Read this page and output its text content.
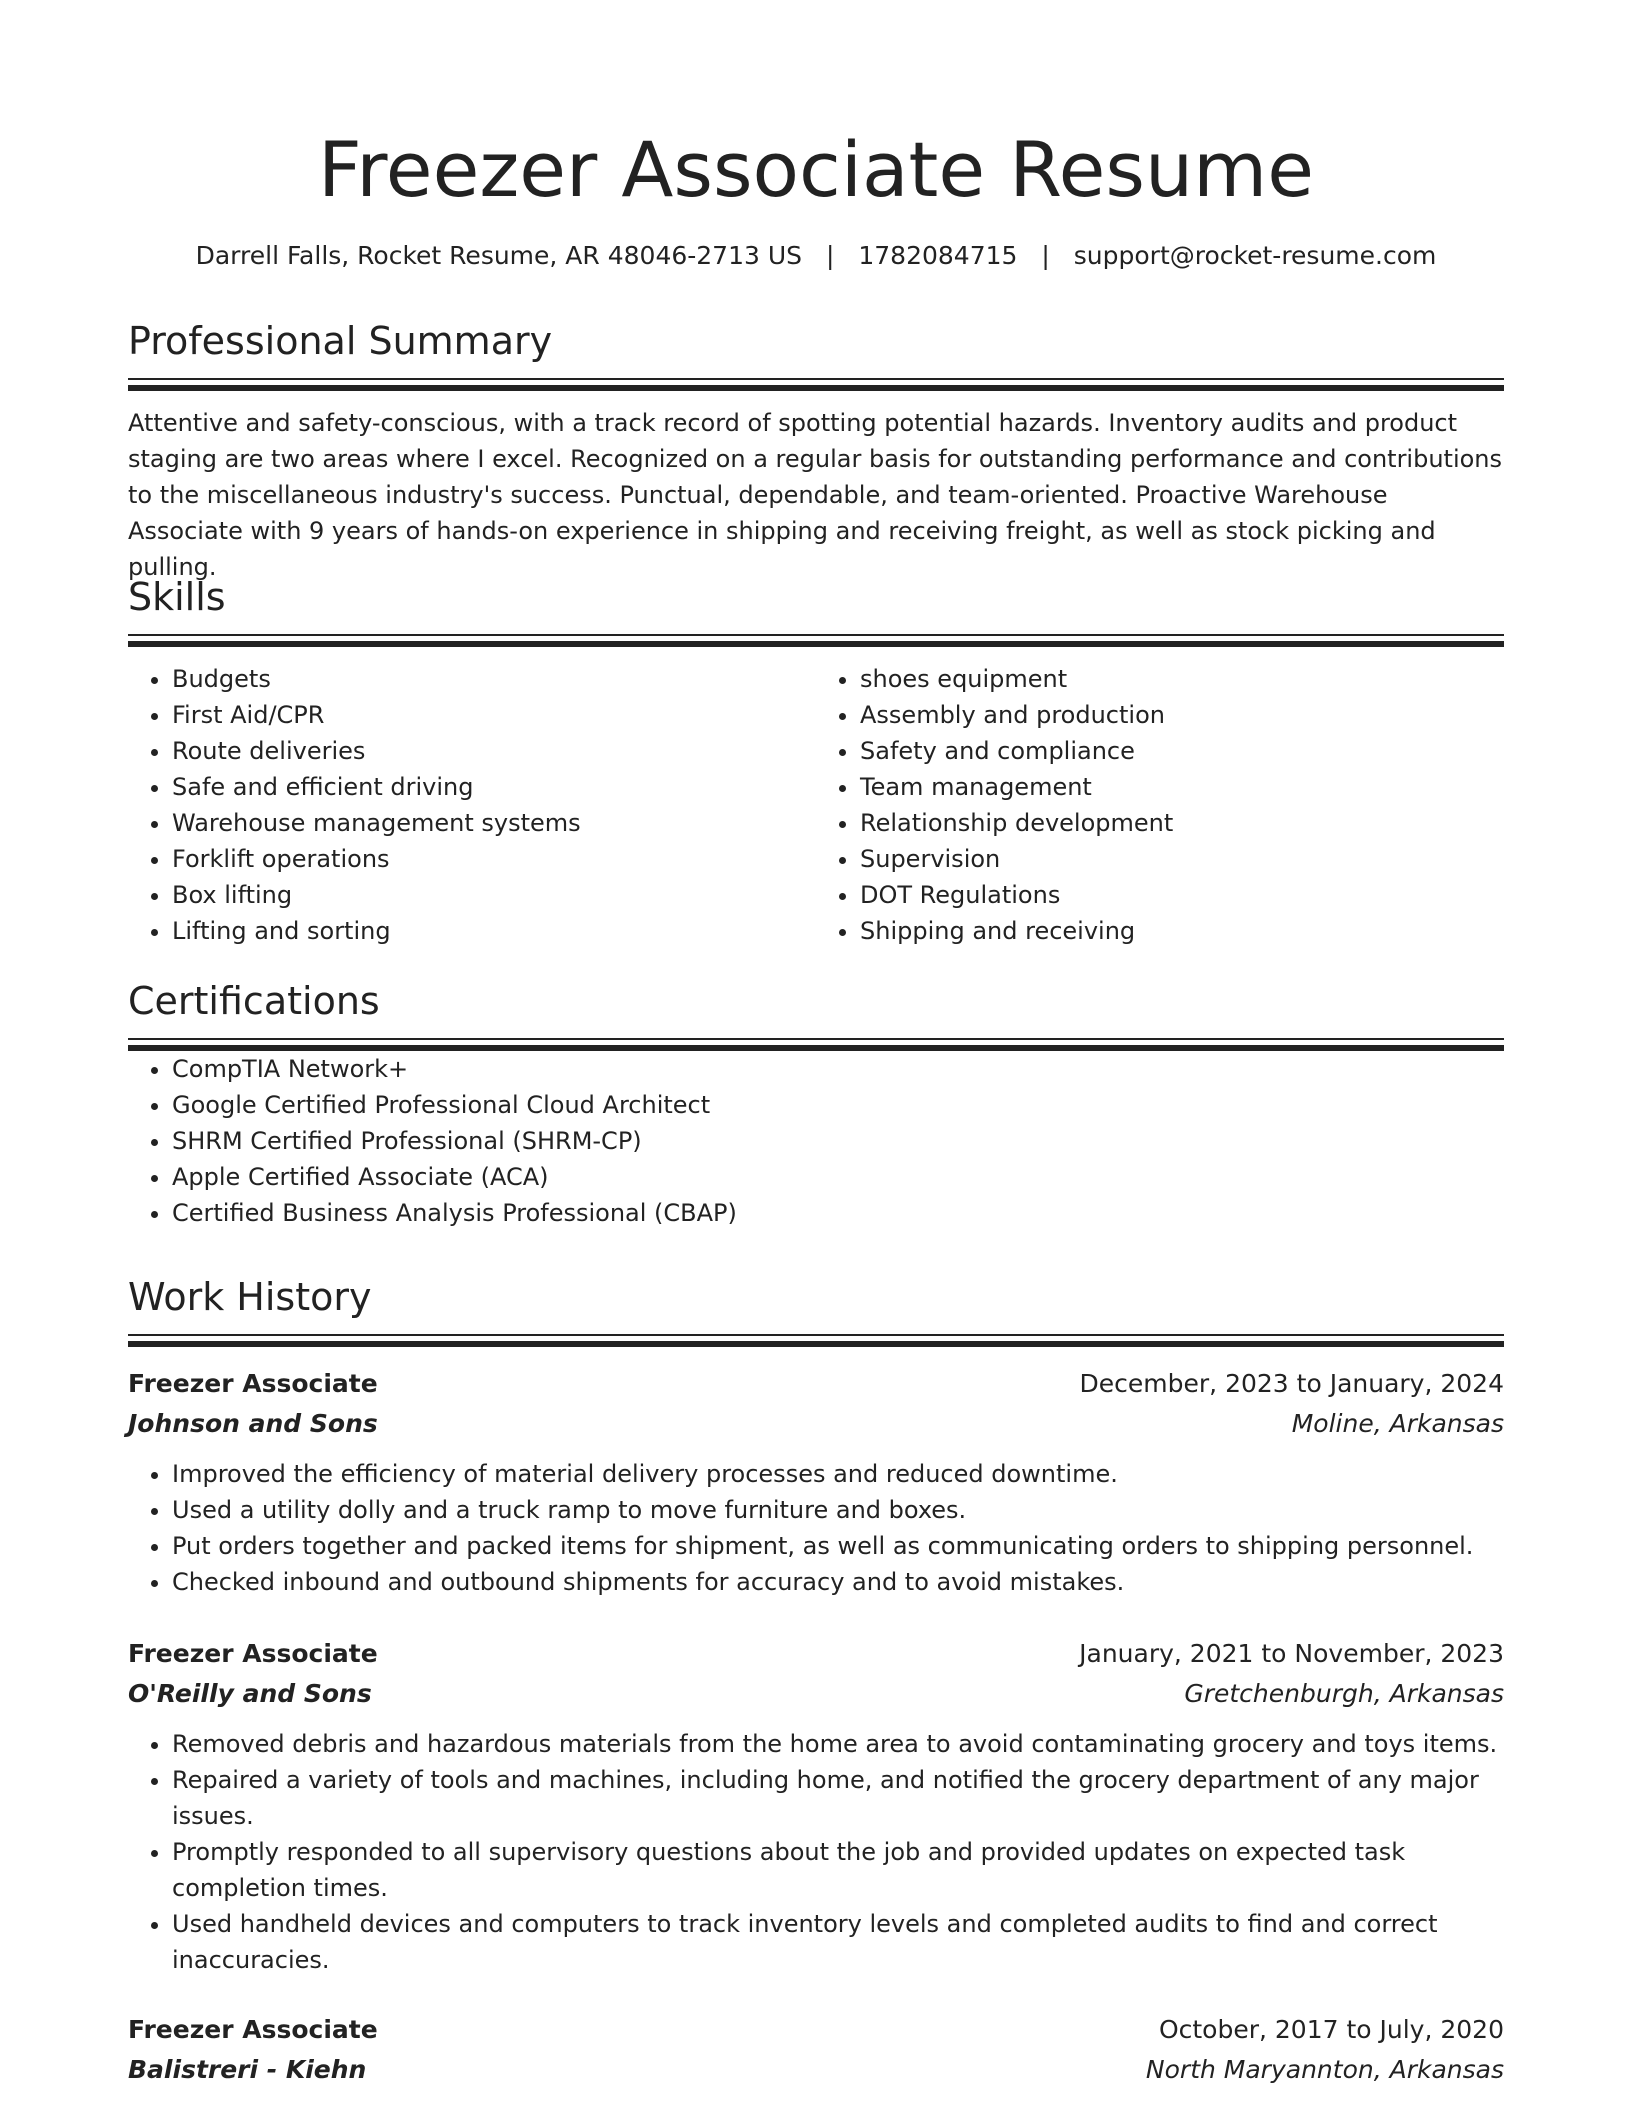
Freezer Associate Resume
Darrell Falls, Rocket Resume, AR 48046-2713 US | 1782084715 | support@rocket-resume.com
Professional Summary
Attentive and safety-conscious, with a track record of spotting potential hazards. Inventory audits and product staging are two areas where I excel. Recognized on a regular basis for outstanding performance and contributions to the miscellaneous industry's success. Punctual, dependable, and team-oriented. Proactive Warehouse Associate with 9 years of hands-on experience in shipping and receiving freight, as well as stock picking and pulling.
Skills
• Budgets
• First Aid/CPR
• Route deliveries
• Safe and efficient driving
• Warehouse management systems
• Forklift operations
• Box lifting
• Lifting and sorting
• shoes equipment
• Assembly and production
• Safety and compliance
• Team management
• Relationship development
• Supervision
• DOT Regulations
• Shipping and receiving
Certifications
• CompTIA Network+
• Google Certified Professional Cloud Architect
• SHRM Certified Professional (SHRM-CP)
• Apple Certified Associate (ACA)
• Certified Business Analysis Professional (CBAP)
Work History
Freezer Associate	December, 2023 to January, 2024
Johnson and Sons	Moline, Arkansas
• Improved the efficiency of material delivery processes and reduced downtime.
• Used a utility dolly and a truck ramp to move furniture and boxes.
• Put orders together and packed items for shipment, as well as communicating orders to shipping personnel.
• Checked inbound and outbound shipments for accuracy and to avoid mistakes.
Freezer Associate	January, 2021 to November, 2023
O'Reilly and Sons	Gretchenburgh, Arkansas
• Removed debris and hazardous materials from the home area to avoid contaminating grocery and toys items.
• Repaired a variety of tools and machines, including home, and notified the grocery department of any major issues.
• Promptly responded to all supervisory questions about the job and provided updates on expected task completion times.
• Used handheld devices and computers to track inventory levels and completed audits to find and correct inaccuracies.
Freezer Associate	October, 2017 to July, 2020
Balistreri - Kiehn	North Maryannton, Arkansas
